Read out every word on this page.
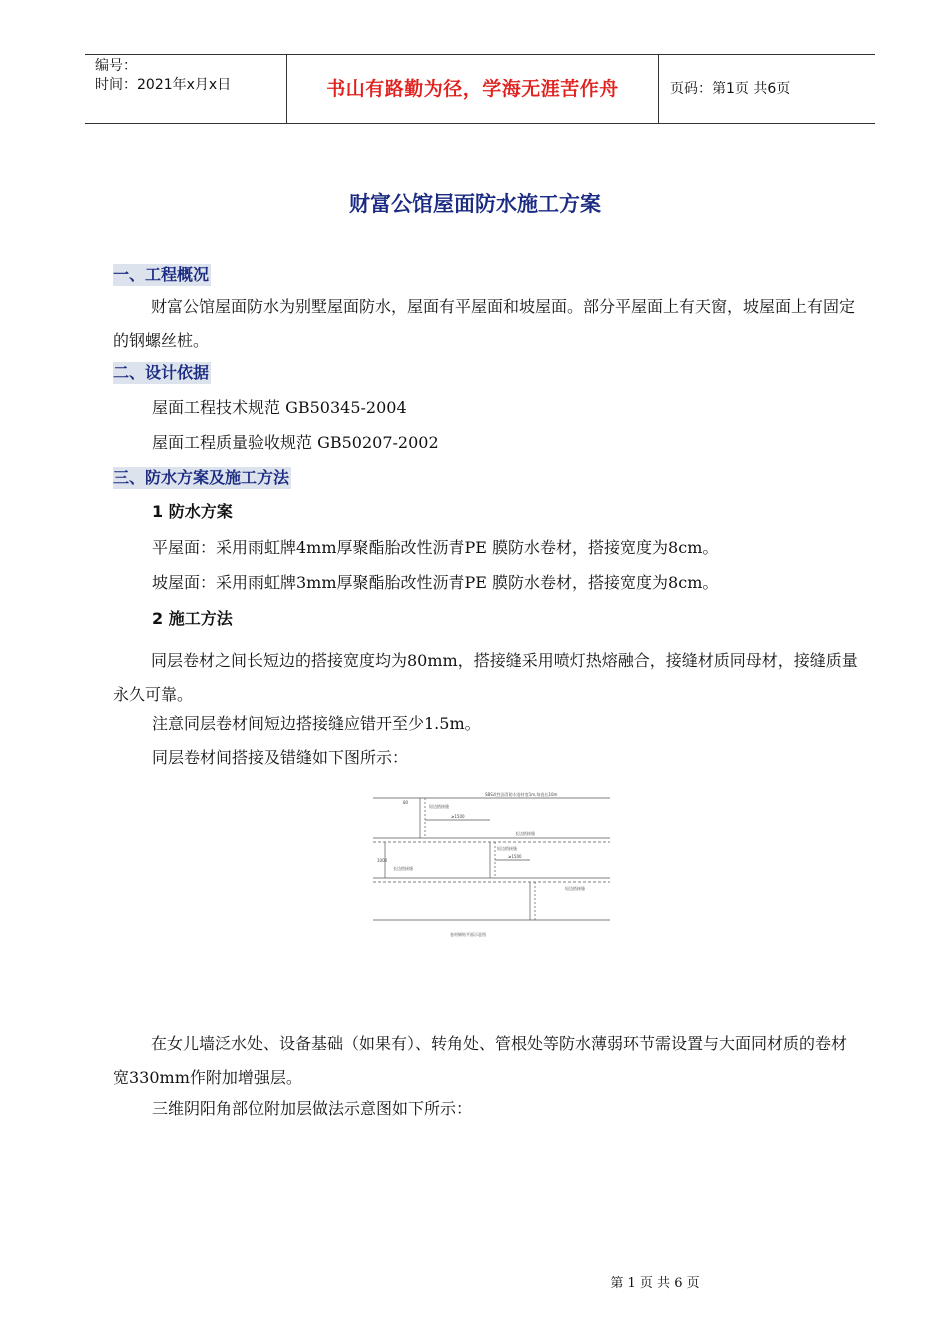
编号：
时间：2021年x月x日	书山有路勤为径，学海无涯苦作舟	页码：第1页 共6页
财富公馆屋面防水施工方案
一、工程概况
财富公馆屋面防水为别墅屋面防水，屋面有平屋面和坡屋面。部分平屋面上有天窗，坡屋面上有固定的钢螺丝桩。
二、设计依据
屋面工程技术规范 GB50345-2004
屋面工程质量验收规范 GB50207-2002
三、防水方案及施工方法
1 防水方案
平屋面：采用雨虹牌4mm厚聚酯胎改性沥青PE 膜防水卷材，搭接宽度为8cm。
坡屋面：采用雨虹牌3mm厚聚酯胎改性沥青PE 膜防水卷材，搭接宽度为8cm。
2 施工方法
同层卷材之间长短边的搭接宽度均为80mm，搭接缝采用喷灯热熔融合，接缝材质同母材，接缝质量永久可靠。
注意同层卷材间短边搭接缝应错开至少1.5m。
同层卷材间搭接及错缝如下图所示：
SBS改性沥青防水卷材宽1m,每卷长10m
短边搭接缝
长边搭接缝
短边搭接缝
长边搭接缝
短边搭接缝
80
≥1500
≥1500
1000
卷材铺贴平面示意图
在女儿墙泛水处、设备基础（如果有）、转角处、管根处等防水薄弱环节需设置与大面同材质的卷材宽330mm作附加增强层。
三维阴阳角部位附加层做法示意图如下所示：
第 1 页 共 6 页
